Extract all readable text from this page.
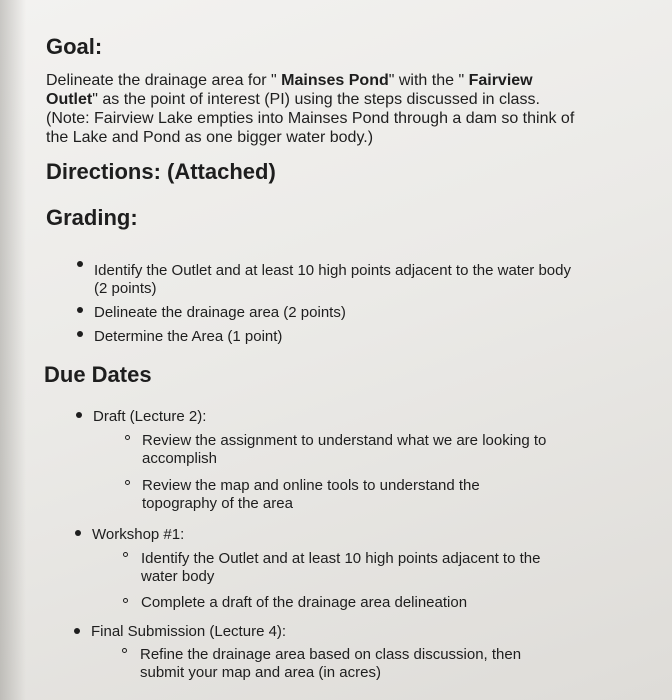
Goal:
Delineate the drainage area for " Mainses Pond" with the " Fairview Outlet" as the point of interest (PI) using the steps discussed in class. (Note: Fairview Lake empties into Mainses Pond through a dam so think of the Lake and Pond as one bigger water body.)
Directions: (Attached)
Grading:
Identify the Outlet and at least 10 high points adjacent to the water body (2 points)
Delineate the drainage area (2 points)
Determine the Area (1 point)
Due Dates
Draft (Lecture 2):
Review the assignment to understand what we are looking to accomplish
Review the map and online tools to understand the topography of the area
Workshop #1:
Identify the Outlet and at least 10 high points adjacent to the water body
Complete a draft of the drainage area delineation
Final Submission (Lecture 4):
Refine the drainage area based on class discussion, then submit your map and area (in acres)
